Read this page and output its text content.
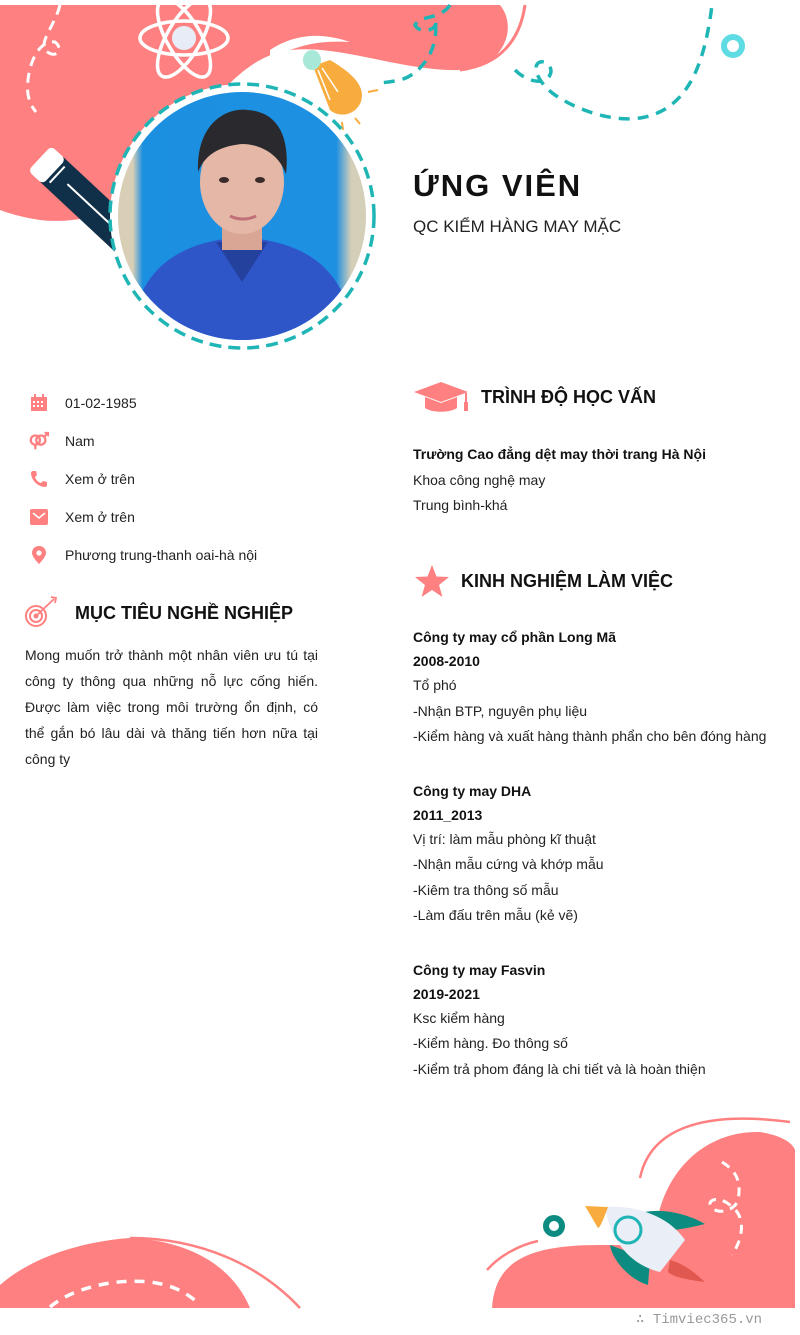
ỨNG VIÊN

QC KIỂM HÀNG MAY MẶC

01-02-1985
Nam
Xem ở trên
Xem ở trên
Phương trung-thanh oai-hà nội
MỤC TIÊU NGHỀ NGHIỆP

Mong muốn trở thành một nhân viên ưu tú tại công ty thông qua những nỗ lực cống hiến. Được làm việc trong môi trường ổn định, có thể gắn bó lâu dài và thăng tiến hơn nữa tại công ty

TRÌNH ĐỘ HỌC VẤN
Trường Cao đẳng dệt may thời trang Hà Nội
Khoa công nghệ may
Trung bình-khá
KINH NGHIỆM LÀM VIỆC
Công ty may cổ phần Long Mã
2008-2010
Tổ phó
-Nhận BTP, nguyên phụ liệu
-Kiểm hàng và xuất hàng thành phẩn cho bên đóng hàng
Công ty may DHA
2011_2013
Vị trí: làm mẫu phòng kĩ thuật
-Nhận mẫu cứng và khớp mẫu
-Kiêm tra thông số mẫu
-Làm đấu trên mẫu (kẻ vẽ)
Công ty may Fasvin
2019-2021
Ksc kiểm hàng
-Kiểm hàng. Đo thông số
-Kiểm trả phom đáng là chi tiết và là hoàn thiện
∴ Timviec365.vn
